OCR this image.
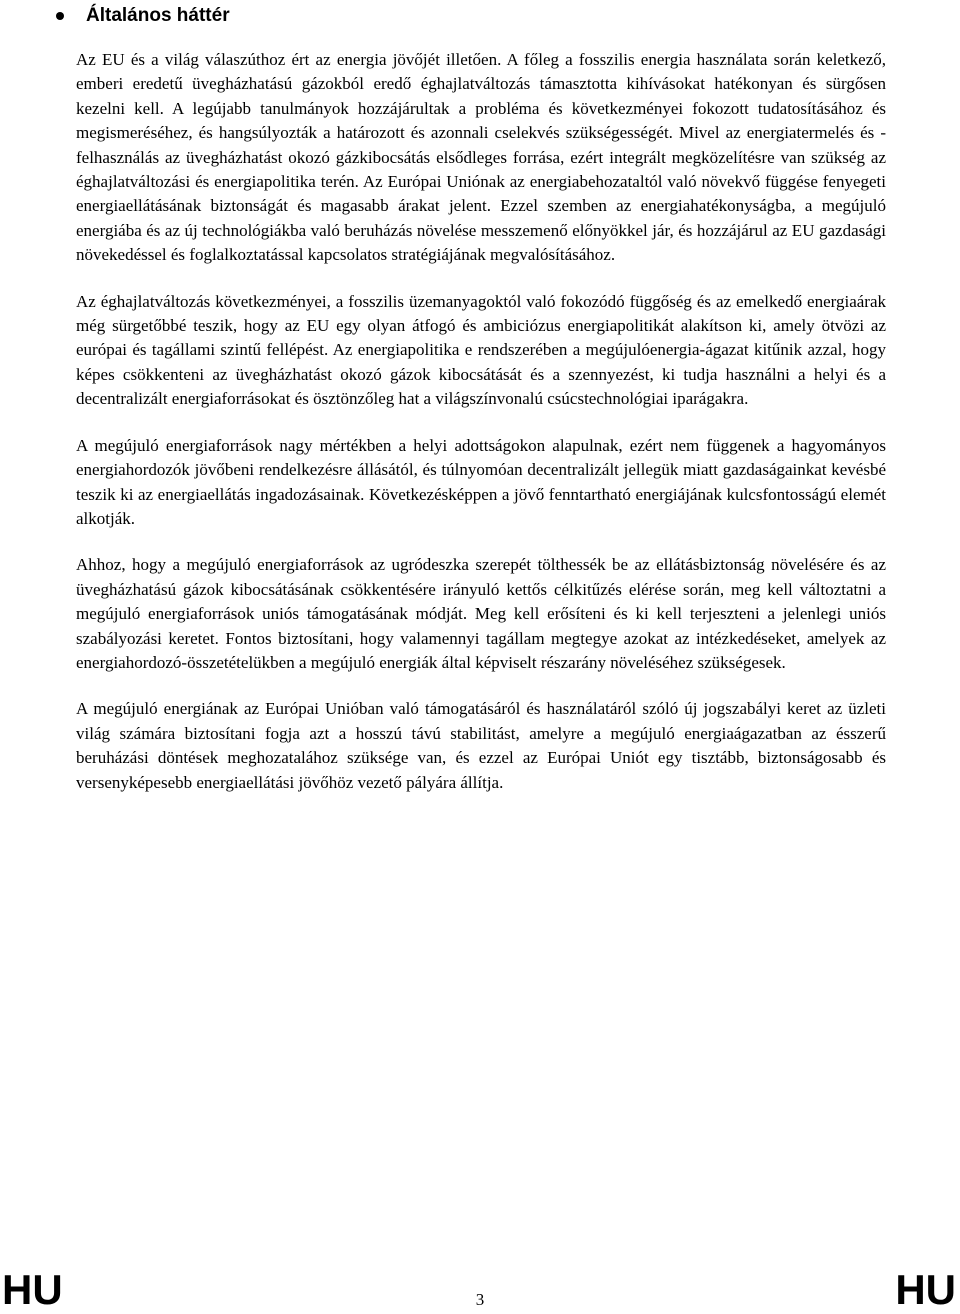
Általános háttér

Az EU és a világ válaszúthoz ért az energia jövőjét illetően. A főleg a fosszilis energia használata során keletkező, emberi eredetű üvegházhatású gázokból eredő éghajlatváltozás támasztotta kihívásokat hatékonyan és sürgősen kezelni kell. A legújabb tanulmányok hozzájárultak a probléma és következményei fokozott tudatosításához és megismeréséhez, és hangsúlyozták a határozott és azonnali cselekvés szükségességét. Mivel az energiatermelés és -felhasználás az üvegházhatást okozó gázkibocsátás elsődleges forrása, ezért integrált megközelítésre van szükség az éghajlatváltozási és energiapolitika terén. Az Európai Uniónak az energiabehozataltól való növekvő függése fenyegeti energiaellátásának biztonságát és magasabb árakat jelent. Ezzel szemben az energiahatékonyságba, a megújuló energiába és az új technológiákba való beruházás növelése messzemenő előnyökkel jár, és hozzájárul az EU gazdasági növekedéssel és foglalkoztatással kapcsolatos stratégiájának megvalósításához.

Az éghajlatváltozás következményei, a fosszilis üzemanyagoktól való fokozódó függőség és az emelkedő energiaárak még sürgetőbbé teszik, hogy az EU egy olyan átfogó és ambiciózus energiapolitikát alakítson ki, amely ötvözi az európai és tagállami szintű fellépést. Az energiapolitika e rendszerében a megújulóenergia-ágazat kitűnik azzal, hogy képes csökkenteni az üvegházhatást okozó gázok kibocsátását és a szennyezést, ki tudja használni a helyi és a decentralizált energiaforrásokat és ösztönzőleg hat a világszínvonalú csúcstechnológiai iparágakra.

A megújuló energiaforrások nagy mértékben a helyi adottságokon alapulnak, ezért nem függenek a hagyományos energiahordozók jövőbeni rendelkezésre állásától, és túlnyomóan decentralizált jellegük miatt gazdaságainkat kevésbé teszik ki az energiaellátás ingadozásainak. Következésképpen a jövő fenntartható energiájának kulcsfontosságú elemét alkotják.

Ahhoz, hogy a megújuló energiaforrások az ugródeszka szerepét tölthessék be az ellátásbiztonság növelésére és az üvegházhatású gázok kibocsátásának csökkentésére irányuló kettős célkitűzés elérése során, meg kell változtatni a megújuló energiaforrások uniós támogatásának módját. Meg kell erősíteni és ki kell terjeszteni a jelenlegi uniós szabályozási keretet. Fontos biztosítani, hogy valamennyi tagállam megtegye azokat az intézkedéseket, amelyek az energiahordozó-összetételükben a megújuló energiák által képviselt részarány növeléséhez szükségesek.

A megújuló energiának az Európai Unióban való támogatásáról és használatáról szóló új jogszabályi keret az üzleti világ számára biztosítani fogja azt a hosszú távú stabilitást, amelyre a megújuló energiaágazatban az ésszerű beruházási döntések meghozatalához szüksége van, és ezzel az Európai Uniót egy tisztább, biztonságosabb és versenyképesebb energiaellátási jövőhöz vezető pályára állítja.

HU	3	HU
